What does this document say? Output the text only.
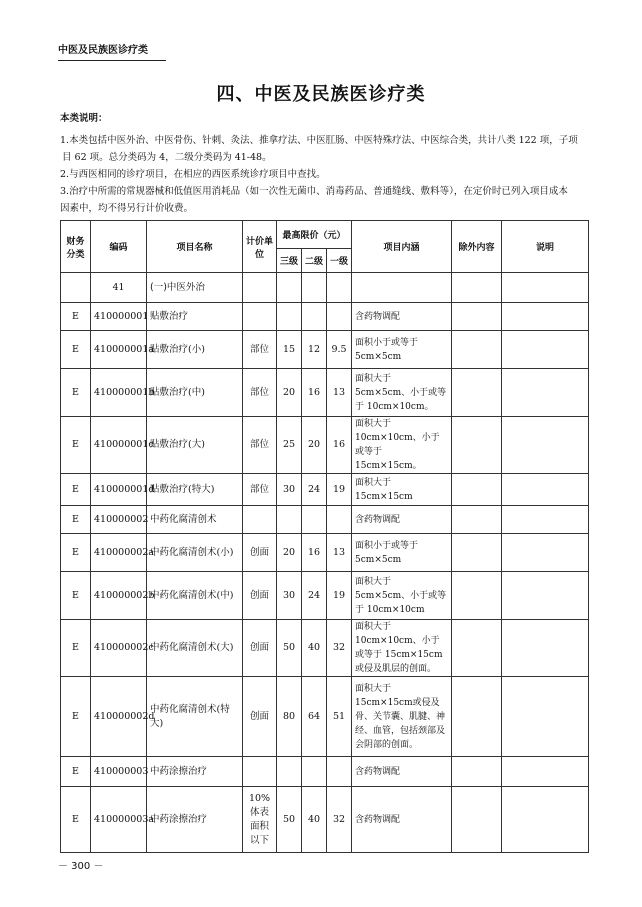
中医及民族医诊疗类
四、中医及民族医诊疗类
本类说明：

1.本类包括中医外治、中医骨伤、针刺、灸法、推拿疗法、中医肛肠、中医特殊疗法、中医综合类，共计八类 122 项，子项

目 62 项。总分类码为 4，二级分类码为 41-48。

2.与西医相同的诊疗项目，在相应的西医系统诊疗项目中查找。

3.治疗中所需的常规器械和低值医用消耗品（如一次性无菌巾、消毒药品、普通缝线、敷料等），在定价时已列入项目成本

因素中，均不得另行计价收费。

财务分类	编码	项目名称	计价单位	最高限价（元）			项目内涵	除外内容	说明
				三级	二级	一级			
	41	(一)中医外治							
E	410000001	贴敷治疗					含药物调配		
E	410000001a	贴敷治疗(小)	部位	15	12	9.5	面积小于或等于 5cm×5cm		
E	410000001b	贴敷治疗(中)	部位	20	16	13	面积大于 5cm×5cm、小于或等于 10cm×10cm。		
E	410000001c	贴敷治疗(大)	部位	25	20	16	面积大于 10cm×10cm、小于或等于 15cm×15cm。		
E	410000001d	贴敷治疗(特大)	部位	30	24	19	面积大于15cm×15cm		
E	410000002	中药化腐清创术					含药物调配		
E	410000002a	中药化腐清创术(小)	创面	20	16	13	面积小于或等于 5cm×5cm		
E	410000002b	中药化腐清创术(中)	创面	30	24	19	面积大于 5cm×5cm、小于或等于 10cm×10cm		
E	410000002c	中药化腐清创术(大)	创面	50	40	32	面积大于 10cm×10cm、小于或等于 15cm×15cm或侵及肌层的创面。		
E	410000002d	中药化腐清创术(特大)	创面	80	64	51	面积大于15cm×15cm或侵及骨、关节囊、肌腱、神经、血管，包括颈部及会阴部的创面。		
E	410000003	中药涂擦治疗					含药物调配		
E	410000003a	中药涂擦治疗	10%体表面积以下	50	40	32	含药物调配		
－ 300 －
